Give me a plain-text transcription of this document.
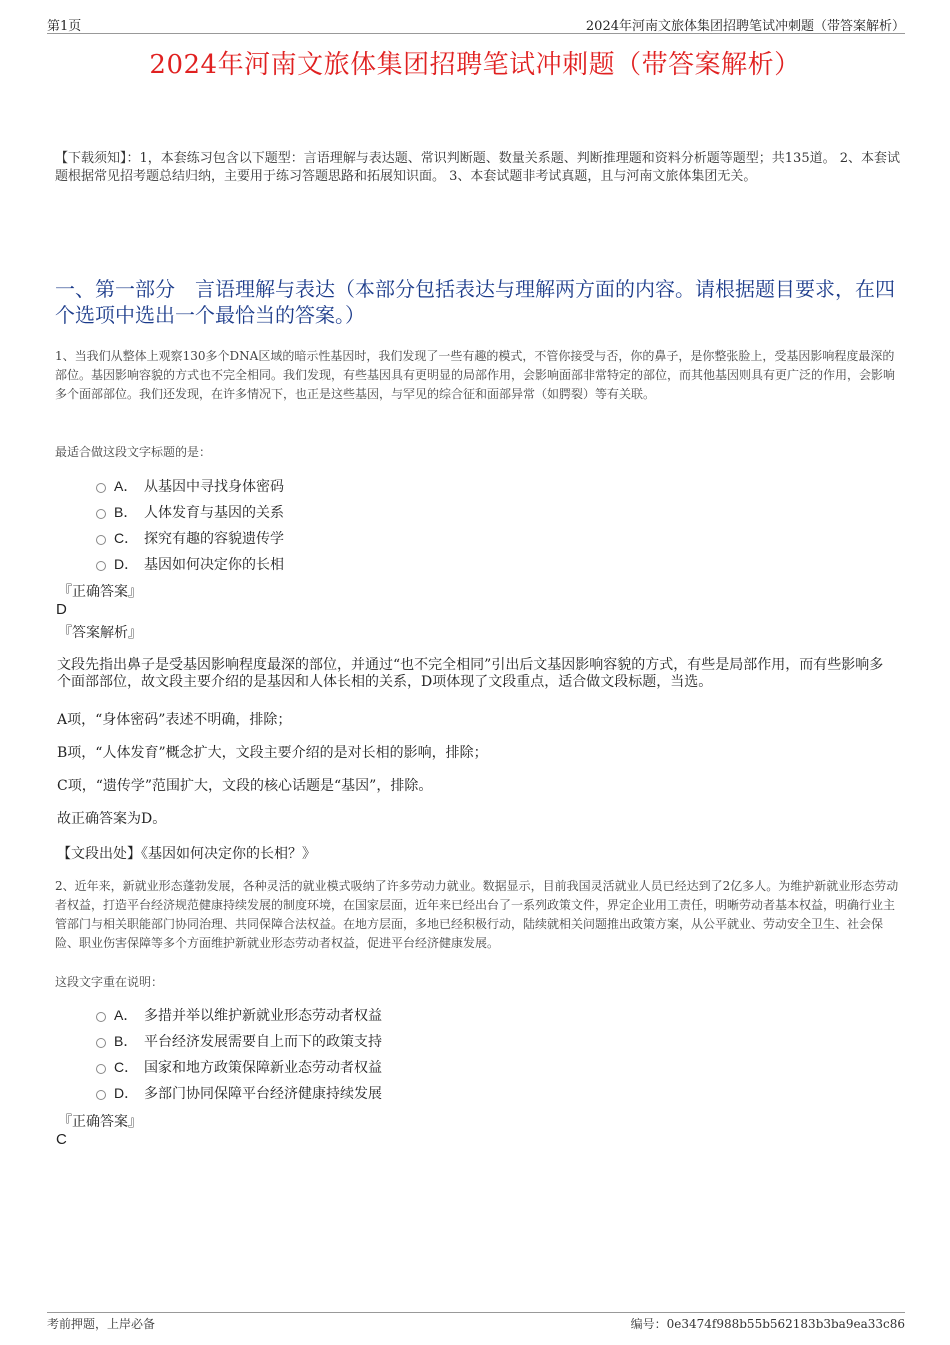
第1页	2024年河南文旅体集团招聘笔试冲刺题（带答案解析）
2024年河南文旅体集团招聘笔试冲刺题（带答案解析）
【下载须知】：1，本套练习包含以下题型：言语理解与表达题、常识判断题、数量关系题、判断推理题和资料分析题等题型；共135道。 2、本套试题根据常见招考题总结归纳，主要用于练习答题思路和拓展知识面。 3、本套试题非考试真题，且与河南文旅体集团无关。
一、第一部分　言语理解与表达（本部分包括表达与理解两方面的内容。请根据题目要求，在四个选项中选出一个最恰当的答案。）
1、当我们从整体上观察130多个DNA区域的暗示性基因时，我们发现了一些有趣的模式，不管你接受与否，你的鼻子，是你整张脸上，受基因影响程度最深的部位。基因影响容貌的方式也不完全相同。我们发现，有些基因具有更明显的局部作用，会影响面部非常特定的部位，而其他基因则具有更广泛的作用，会影响多个面部部位。我们还发现，在许多情况下，也正是这些基因，与罕见的综合征和面部异常（如腭裂）等有关联。
最适合做这段文字标题的是：
A． 从基因中寻找身体密码
B． 人体发育与基因的关系
C． 探究有趣的容貌遗传学
D． 基因如何决定你的长相
『正确答案』
D
『答案解析』
文段先指出鼻子是受基因影响程度最深的部位，并通过“也不完全相同”引出后文基因影响容貌的方式，有些是局部作用，而有些影响多个面部部位，故文段主要介绍的是基因和人体长相的关系，D项体现了文段重点，适合做文段标题，当选。
A项，“身体密码”表述不明确，排除；
B项，“人体发育”概念扩大，文段主要介绍的是对长相的影响，排除；
C项，“遗传学”范围扩大，文段的核心话题是“基因”，排除。
故正确答案为D。
【文段出处】《基因如何决定你的长相？》
2、近年来，新就业形态蓬勃发展，各种灵活的就业模式吸纳了许多劳动力就业。数据显示，目前我国灵活就业人员已经达到了2亿多人。为维护新就业形态劳动者权益，打造平台经济规范健康持续发展的制度环境，在国家层面，近年来已经出台了一系列政策文件，界定企业用工责任，明晰劳动者基本权益，明确行业主管部门与相关职能部门协同治理、共同保障合法权益。在地方层面，多地已经积极行动，陆续就相关问题推出政策方案，从公平就业、劳动安全卫生、社会保险、职业伤害保障等多个方面维护新就业形态劳动者权益，促进平台经济健康发展。
这段文字重在说明：
A． 多措并举以维护新就业形态劳动者权益
B． 平台经济发展需要自上而下的政策支持
C． 国家和地方政策保障新业态劳动者权益
D． 多部门协同保障平台经济健康持续发展
『正确答案』
C
考前押题，上岸必备	编号：0e3474f988b55b562183b3ba9ea33c86
